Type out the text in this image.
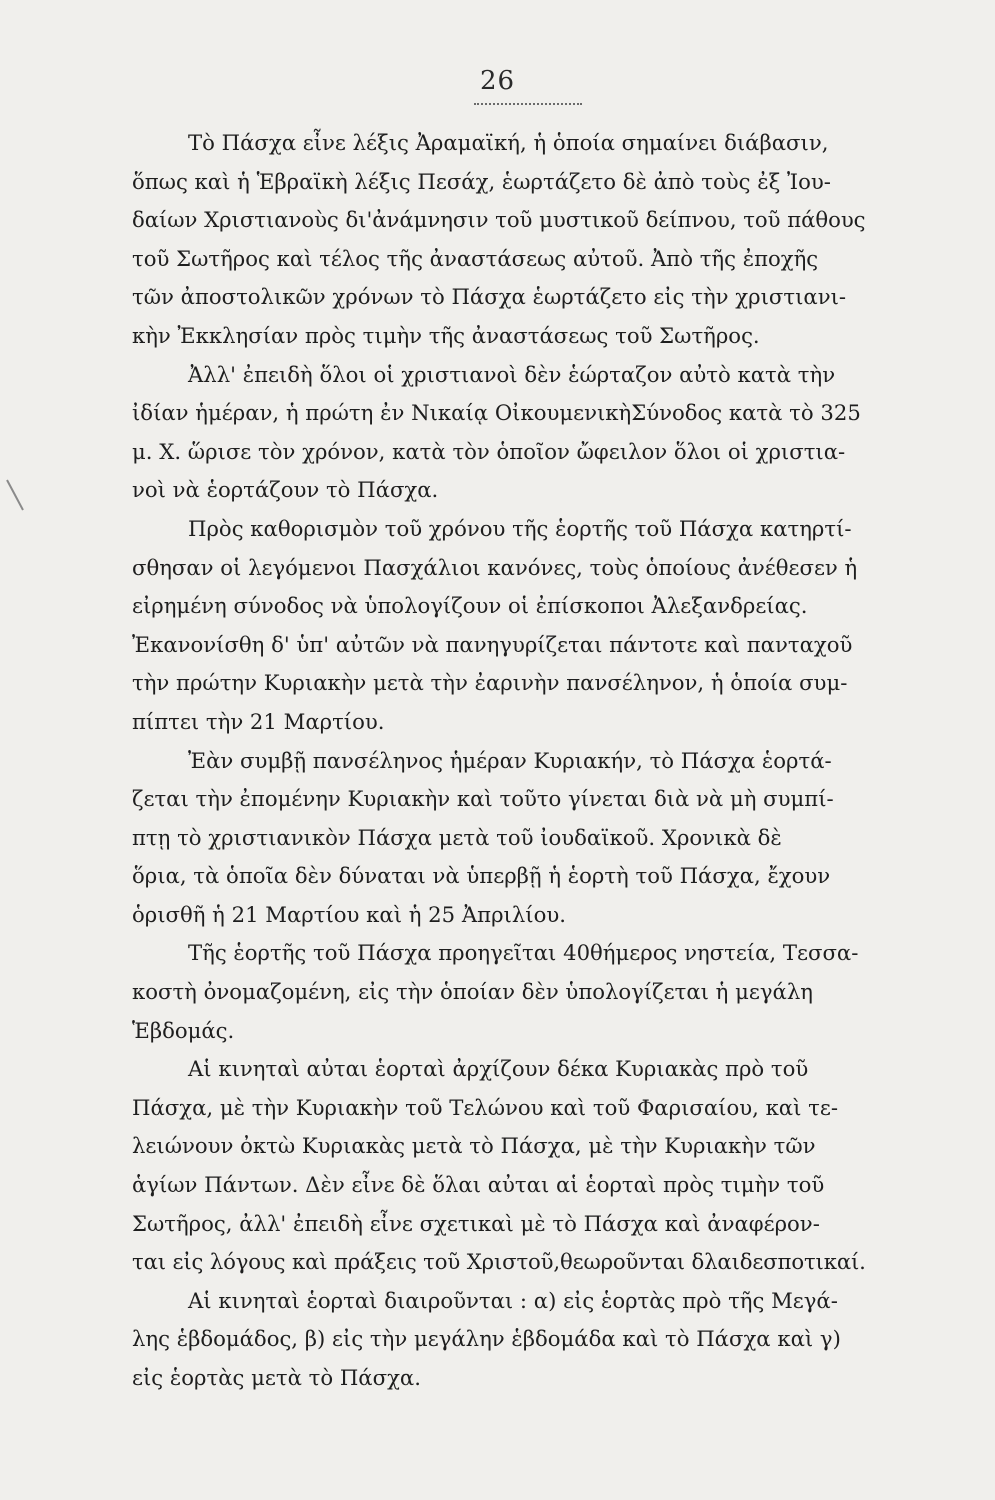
26
Τὸ Πάσχα εἶνε λέξις Ἀραμαϊκή, ἡ ὁποία σημαίνει διάβασιν,
ὅπως καὶ ἡ Ἑβραϊκὴ λέξις Πεσάχ, ἑωρτάζετο δὲ ἀπὸ τοὺς ἐξ Ἰου-
δαίων Χριστιανοὺς δι'ἀνάμνησιν τοῦ μυστικοῦ δείπνου, τοῦ πάθους
τοῦ Σωτῆρος καὶ τέλος τῆς ἀναστάσεως αὐτοῦ. Ἀπὸ τῆς ἐποχῆς
τῶν ἀποστολικῶν χρόνων τὸ Πάσχα ἑωρτάζετο εἰς τὴν χριστιανι-
κὴν Ἐκκλησίαν πρὸς τιμὴν τῆς ἀναστάσεως τοῦ Σωτῆρος.
Ἀλλ' ἐπειδὴ ὅλοι οἱ χριστιανοὶ δὲν ἑώρταζον αὐτὸ κατὰ τὴν
ἰδίαν ἡμέραν, ἡ πρώτη ἐν Νικαίᾳ ΟἰκουμενικὴΣύνοδος κατὰ τὸ 325
μ. Χ. ὥρισε τὸν χρόνον, κατὰ τὸν ὁποῖον ὤφειλον ὅλοι οἱ χριστια-
νοὶ νὰ ἑορτάζουν τὸ Πάσχα.
Πρὸς καθορισμὸν τοῦ χρόνου τῆς ἑορτῆς τοῦ Πάσχα κατηρτί-
σθησαν οἱ λεγόμενοι Πασχάλιοι κανόνες, τοὺς ὁποίους ἀνέθεσεν ἡ
εἰρημένη σύνοδος νὰ ὑπολογίζουν οἱ ἐπίσκοποι Ἀλεξανδρείας.
Ἐκανονίσθη δ' ὑπ' αὐτῶν νὰ πανηγυρίζεται πάντοτε καὶ πανταχοῦ
τὴν πρώτην Κυριακὴν μετὰ τὴν ἐαρινὴν πανσέληνον, ἡ ὁποία συμ-
πίπτει τὴν 21 Μαρτίου.
Ἐὰν συμβῇ πανσέληνος ἡμέραν Κυριακήν, τὸ Πάσχα ἑορτά-
ζεται τὴν ἐπομένην Κυριακὴν καὶ τοῦτο γίνεται διὰ νὰ μὴ συμπί-
πτῃ τὸ χριστιανικὸν Πάσχα μετὰ τοῦ ἰουδαϊκοῦ. Χρονικὰ δὲ
ὅρια, τὰ ὁποῖα δὲν δύναται νὰ ὑπερβῇ ἡ ἑορτὴ τοῦ Πάσχα, ἔχουν
ὁρισθῆ ἡ 21 Μαρτίου καὶ ἡ 25 Ἀπριλίου.
Τῆς ἑορτῆς τοῦ Πάσχα προηγεῖται 40θήμερος νηστεία, Τεσσα-
κοστὴ ὀνομαζομένη, εἰς τὴν ὁποίαν δὲν ὑπολογίζεται ἡ μεγάλη
Ἑβδομάς.
Αἱ κινηταὶ αὐται ἑορταὶ ἀρχίζουν δέκα Κυριακὰς πρὸ τοῦ
Πάσχα, μὲ τὴν Κυριακὴν τοῦ Τελώνου καὶ τοῦ Φαρισαίου, καὶ τε-
λειώνουν ὀκτὼ Κυριακὰς μετὰ τὸ Πάσχα, μὲ τὴν Κυριακὴν τῶν
ἁγίων Πάντων. Δὲν εἶνε δὲ ὅλαι αὐται αἱ ἑορταὶ πρὸς τιμὴν τοῦ
Σωτῆρος, ἀλλ' ἐπειδὴ εἶνε σχετικαὶ μὲ τὸ Πάσχα καὶ ἀναφέρον-
ται εἰς λόγους καὶ πράξεις τοῦ Χριστοῦ,θεωροῦνται δλαιδεσποτικαί.
Αἱ κινηταὶ ἑορταὶ διαιροῦνται : α) εἰς ἑορτὰς πρὸ τῆς Μεγά-
λης ἑβδομάδος, β) εἰς τὴν μεγάλην ἑβδομάδα καὶ τὸ Πάσχα καὶ γ)
εἰς ἑορτὰς μετὰ τὸ Πάσχα.
